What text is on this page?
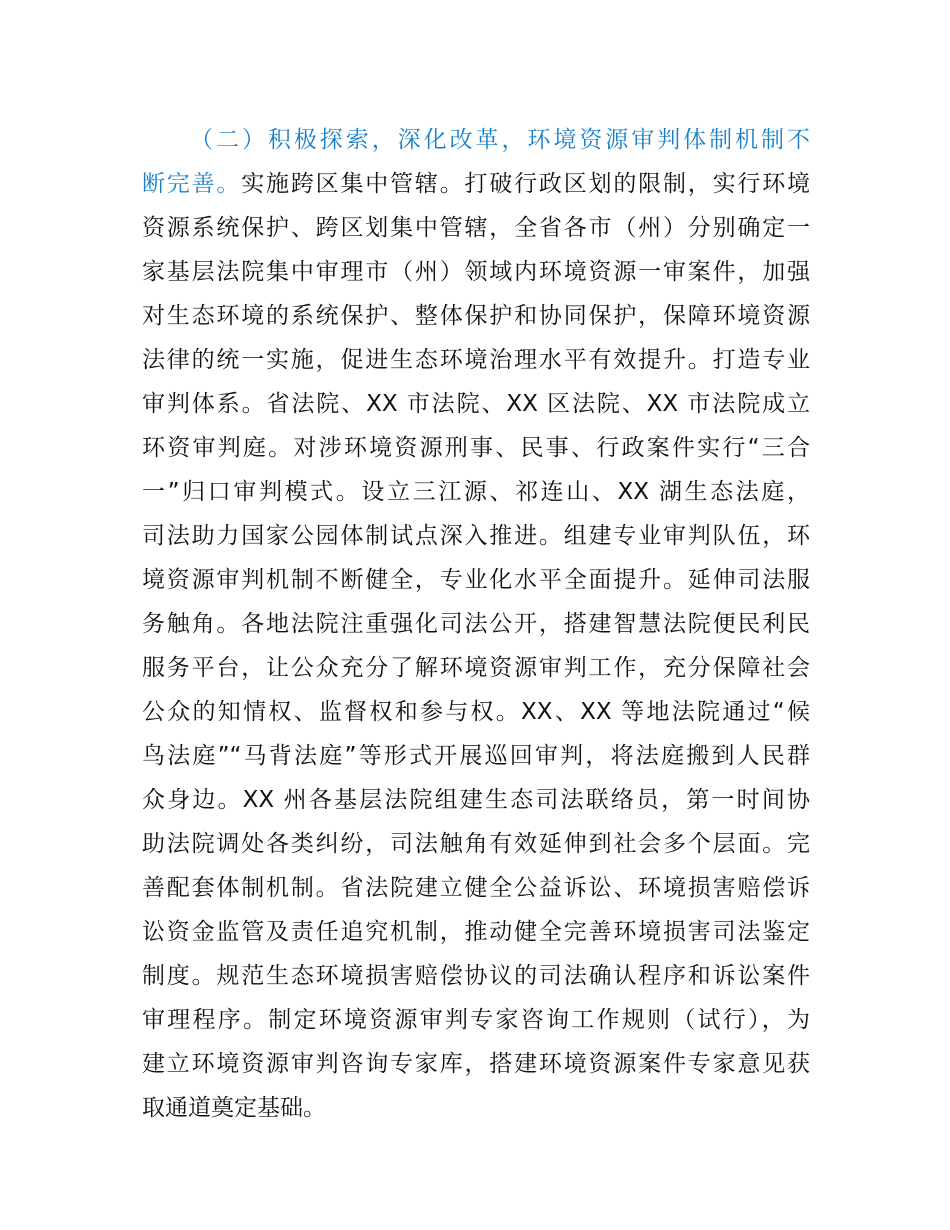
（二）积极探索，深化改革，环境资源审判体制机制不

断完善。实施跨区集中管辖。打破行政区划的限制，实行环境

资源系统保护、跨区划集中管辖，全省各市（州）分别确定一

家基层法院集中审理市（州）领域内环境资源一审案件，加强

对生态环境的系统保护、整体保护和协同保护，保障环境资源

法律的统一实施，促进生态环境治理水平有效提升。打造专业

审判体系。省法院、XX 市法院、XX 区法院、XX 市法院成立

环资审判庭。对涉环境资源刑事、民事、行政案件实行“三合

一”归口审判模式。设立三江源、祁连山、XX 湖生态法庭，

司法助力国家公园体制试点深入推进。组建专业审判队伍，环

境资源审判机制不断健全，专业化水平全面提升。延伸司法服

务触角。各地法院注重强化司法公开，搭建智慧法院便民利民

服务平台，让公众充分了解环境资源审判工作，充分保障社会

公众的知情权、监督权和参与权。XX、XX 等地法院通过“候

鸟法庭”“马背法庭”等形式开展巡回审判，将法庭搬到人民群

众身边。XX 州各基层法院组建生态司法联络员，第一时间协

助法院调处各类纠纷，司法触角有效延伸到社会多个层面。完

善配套体制机制。省法院建立健全公益诉讼、环境损害赔偿诉

讼资金监管及责任追究机制，推动健全完善环境损害司法鉴定

制度。规范生态环境损害赔偿协议的司法确认程序和诉讼案件

审理程序。制定环境资源审判专家咨询工作规则（试行），为

建立环境资源审判咨询专家库，搭建环境资源案件专家意见获

取通道奠定基础。
